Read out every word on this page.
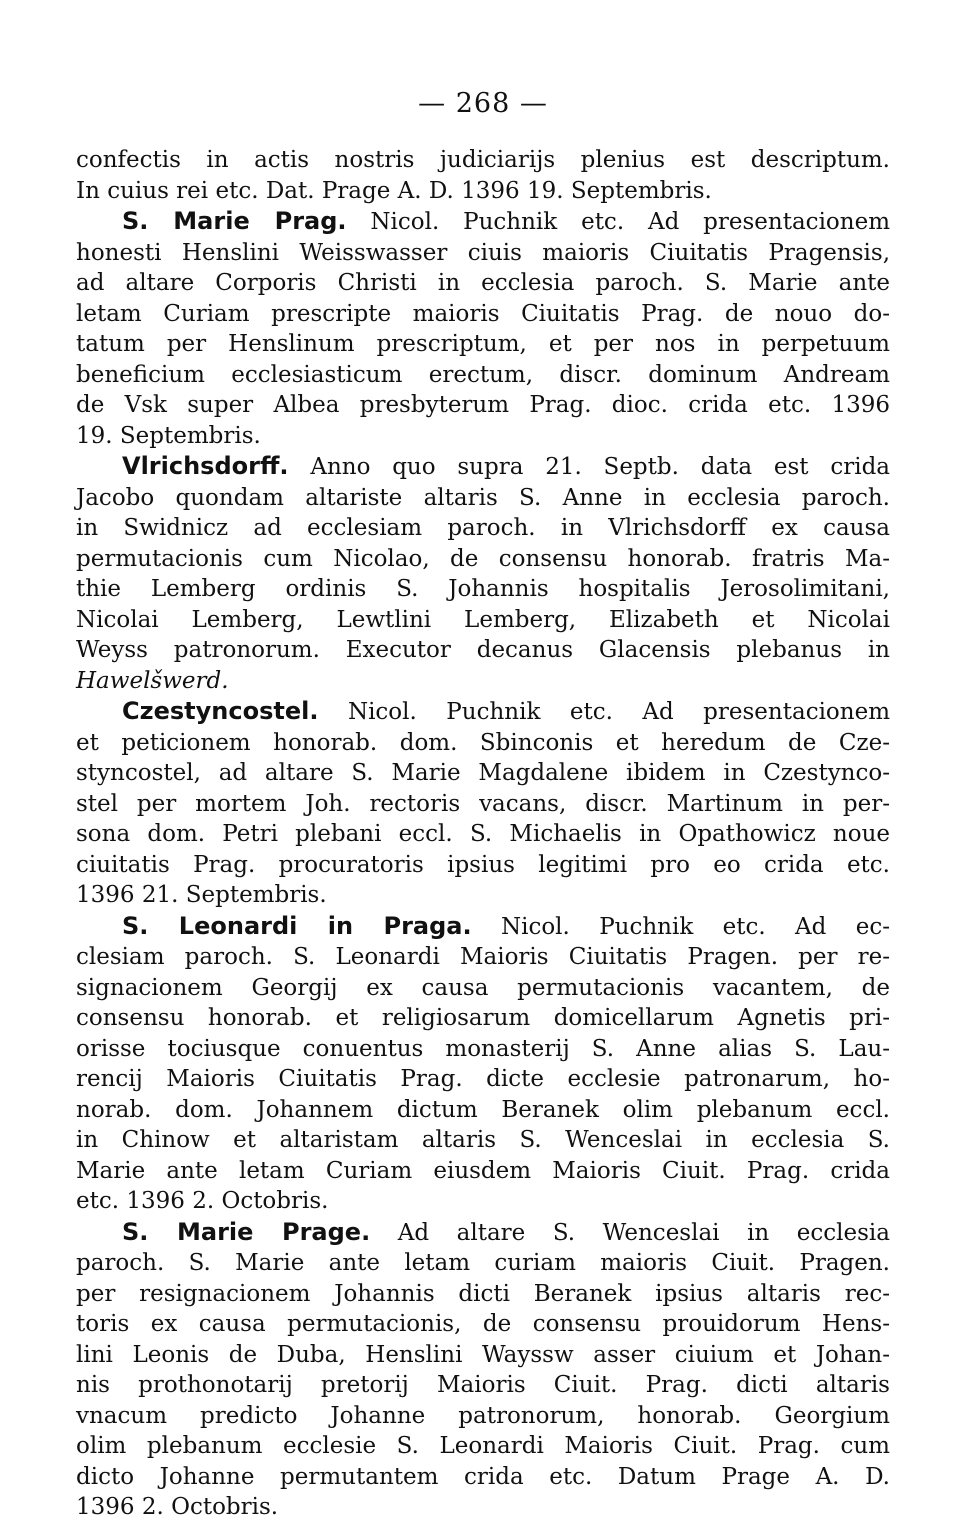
— 268 —
confectis in actis nostris judiciarijs plenius est descriptum.
In cuius rei etc. Dat. Prage A. D. 1396 19. Septembris.
S. Marie Prag. Nicol. Puchnik etc. Ad presentacionem
honesti Henslini Weisswasser ciuis maioris Ciuitatis Pragensis,
ad altare Corporis Christi in ecclesia paroch. S. Marie ante
letam Curiam prescripte maioris Ciuitatis Prag. de nouo do-
tatum per Henslinum prescriptum, et per nos in perpetuum
beneficium ecclesiasticum erectum, discr. dominum Andream
de Vsk super Albea presbyterum Prag. dioc. crida etc. 1396
19. Septembris.
Vlrichsdorff. Anno quo supra 21. Septb. data est crida
Jacobo quondam altariste altaris S. Anne in ecclesia paroch.
in Swidnicz ad ecclesiam paroch. in Vlrichsdorff ex causa
permutacionis cum Nicolao, de consensu honorab. fratris Ma-
thie Lemberg ordinis S. Johannis hospitalis Jerosolimitani,
Nicolai Lemberg, Lewtlini Lemberg, Elizabeth et Nicolai
Weyss patronorum. Executor decanus Glacensis plebanus in
Hawelšwerd.
Czestyncostel. Nicol. Puchnik etc. Ad presentacionem
et peticionem honorab. dom. Sbinconis et heredum de Cze-
styncostel, ad altare S. Marie Magdalene ibidem in Czestynco-
stel per mortem Joh. rectoris vacans, discr. Martinum in per-
sona dom. Petri plebani eccl. S. Michaelis in Opathowicz noue
ciuitatis Prag. procuratoris ipsius legitimi pro eo crida etc.
1396 21. Septembris.
S. Leonardi in Praga. Nicol. Puchnik etc. Ad ec-
clesiam paroch. S. Leonardi Maioris Ciuitatis Pragen. per re-
signacionem Georgij ex causa permutacionis vacantem, de
consensu honorab. et religiosarum domicellarum Agnetis pri-
orisse tociusque conuentus monasterij S. Anne alias S. Lau-
rencij Maioris Ciuitatis Prag. dicte ecclesie patronarum, ho-
norab. dom. Johannem dictum Beranek olim plebanum eccl.
in Chinow et altaristam altaris S. Wenceslai in ecclesia S.
Marie ante letam Curiam eiusdem Maioris Ciuit. Prag. crida
etc. 1396 2. Octobris.
S. Marie Prage. Ad altare S. Wenceslai in ecclesia
paroch. S. Marie ante letam curiam maioris Ciuit. Pragen.
per resignacionem Johannis dicti Beranek ipsius altaris rec-
toris ex causa permutacionis, de consensu prouidorum Hens-
lini Leonis de Duba, Henslini Wayssw asser ciuium et Johan-
nis prothonotarij pretorij Maioris Ciuit. Prag. dicti altaris
vnacum predicto Johanne patronorum, honorab. Georgium
olim plebanum ecclesie S. Leonardi Maioris Ciuit. Prag. cum
dicto Johanne permutantem crida etc. Datum Prage A. D.
1396 2. Octobris.
